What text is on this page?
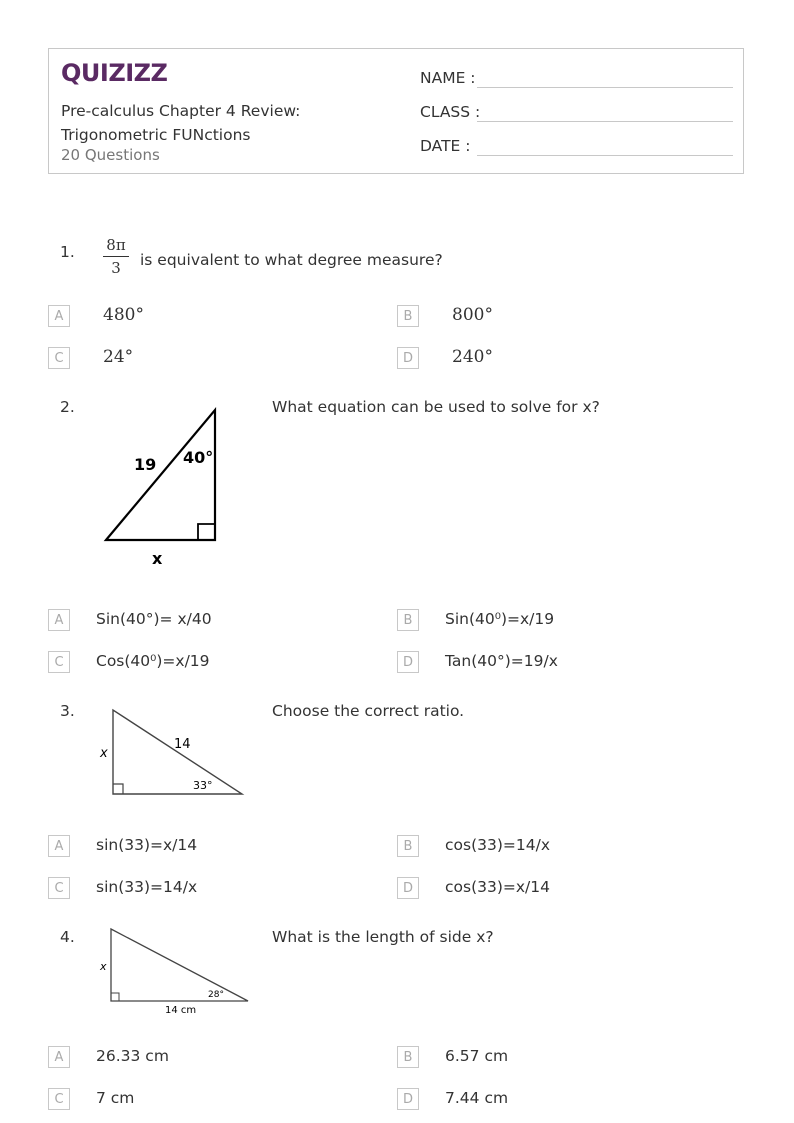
QUIZIZZ
Pre-calculus Chapter 4 Review: Trigonometric FUNctions
20 Questions
NAME :
CLASS :
DATE :
1. 8π
3	is equivalent to what degree measure?
A	480°	B	800°
C	24°	D	240°
2.
19 40°
x
What equation can be used to solve for x?
A	Sin(40°)= x/40	B	Sin(40⁰)=x/19
C	Cos(40⁰)=x/19	D	Tan(40°)=19/x
3.
x
14
33°
Choose the correct ratio.
A	sin(33)=x/14	B	cos(33)=14/x
C	sin(33)=14/x	D	cos(33)=x/14
4.
x
28°
14 cm
What is the length of side x?
A	26.33 cm	B	6.57 cm
C	7 cm	D	7.44 cm
